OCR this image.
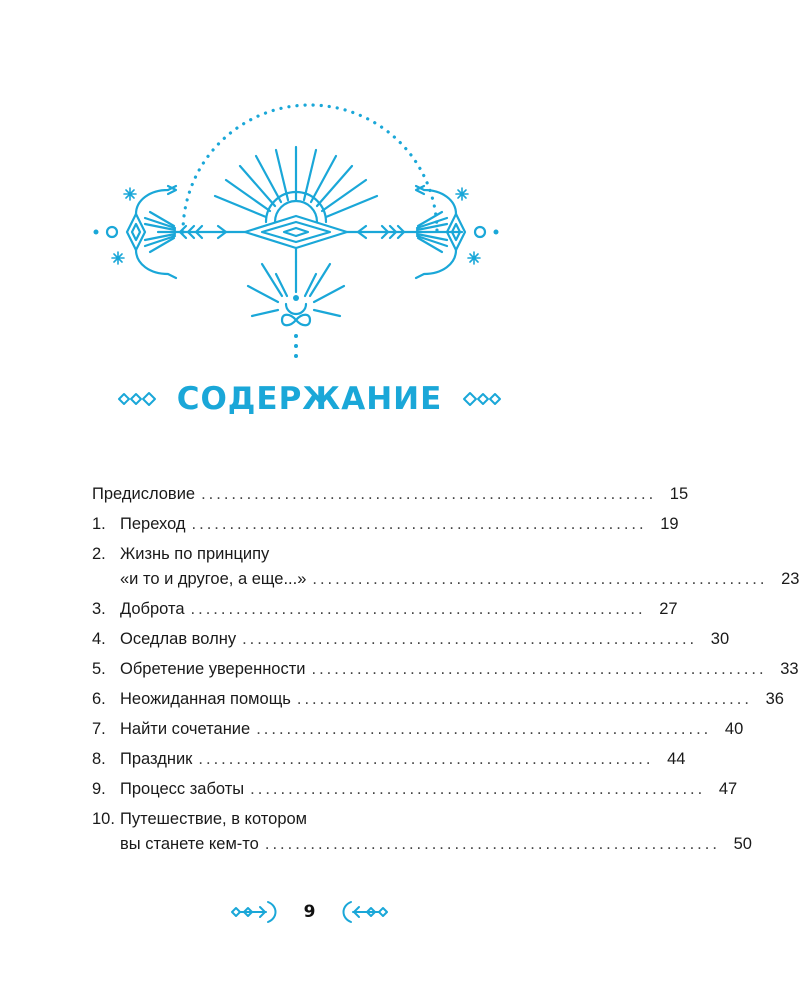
СОДЕРЖАНИЕ
Предисловие ............................................................ 15
1. Переход ............................................................ 19
2. Жизнь по принципу
«и то и другое, а еще...» ............................................................ 23
3. Доброта ............................................................ 27
4. Оседлав волну ............................................................ 30
5. Обретение уверенности ............................................................ 33
6. Неожиданная помощь ............................................................ 36
7. Найти сочетание ............................................................ 40
8. Праздник ............................................................ 44
9. Процесс заботы ............................................................ 47
10. Путешествие, в котором
вы станете кем-то ............................................................ 50
9
